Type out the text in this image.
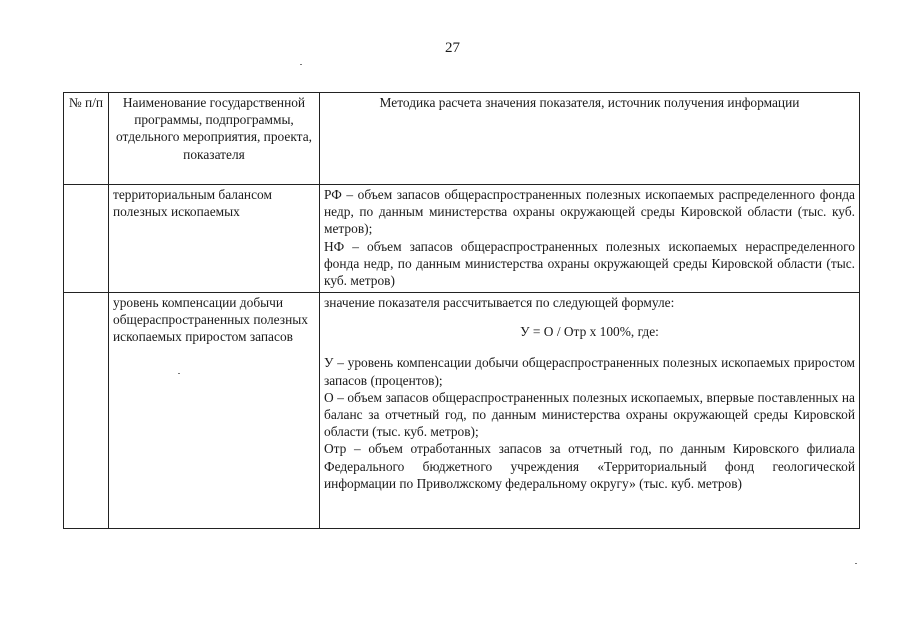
27
№ п/п	Наименование государственной программы, подпрограммы, отдельного мероприятия, проекта, показателя	Методика расчета значения показателя, источник получения информации
	территориальным балансом полезных ископаемых	РФ – объем запасов общераспространенных полезных ископаемых распределенного фонда недр, по данным министерства охраны окружающей среды Кировской области (тыс. куб. метров);

НФ – объем запасов общераспространенных полезных ископаемых нераспределенного фонда недр, по данным министерства охраны окружающей среды Кировской области (тыс. куб. метров)

	уровень компенсации добычи общераспространенных полезных ископаемых приростом запасов	значение показателя рассчитывается по следующей формуле:

У = О / Отр х 100%, где:

У – уровень компенсации добычи общераспространенных полезных ископаемых приростом запасов (процентов);

О – объем запасов общераспространенных полезных ископаемых, впервые поставленных на баланс за отчетный год, по данным министерства охраны окружающей среды Кировской области (тыс. куб. метров);

Отр – объем отработанных запасов за отчетный год, по данным Кировского филиала Федерального бюджетного учреждения «Территориальный фонд геологической информации по Приволжскому федеральному округу» (тыс. куб. метров)
